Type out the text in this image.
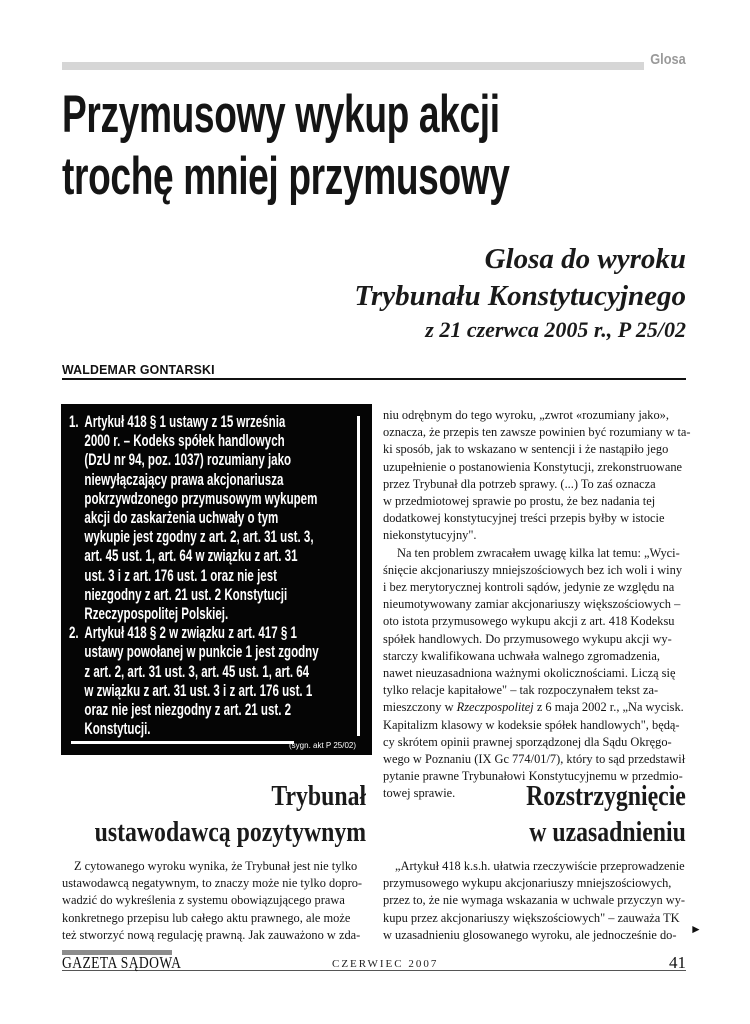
Glosa
Przymusowy wykup akcji
trochę mniej przymusowy
Glosa do wyroku
Trybunału Konstytucyjnego
z 21 czerwca 2005 r., P 25/02
WALDEMAR GONTARSKI
1. Artykuł 418 § 1 ustawy z 15 września
2000 r. – Kodeks spółek handlowych
(DzU nr 94, poz. 1037) rozumiany jako
niewyłączający prawa akcjonariusza
pokrzywdzonego przymusowym wykupem
akcji do zaskarżenia uchwały o tym
wykupie jest zgodny z art. 2, art. 31 ust. 3,
art. 45 ust. 1, art. 64 w związku z art. 31
ust. 3 i z art. 176 ust. 1 oraz nie jest
niezgodny z art. 21 ust. 2 Konstytucji
Rzeczypospolitej Polskiej.
2. Artykuł 418 § 2 w związku z art. 417 § 1
ustawy powołanej w punkcie 1 jest zgodny
z art. 2, art. 31 ust. 3, art. 45 ust. 1, art. 64
w związku z art. 31 ust. 3 i z art. 176 ust. 1
oraz nie jest niezgodny z art. 21 ust. 2
Konstytucji.
(sygn. akt P 25/02)
niu odrębnym do tego wyroku, „zwrot «rozumiany jako»,
oznacza, że przepis ten zawsze powinien być rozumiany w ta-
ki sposób, jak to wskazano w sentencji i że nastąpiło jego
uzupełnienie o postanowienia Konstytucji, zrekonstruowane
przez Trybunał dla potrzeb sprawy. (...) To zaś oznacza
w przedmiotowej sprawie po prostu, że bez nadania tej
dodatkowej konstytucyjnej treści przepis byłby w istocie
niekonstytucyjny".
Na ten problem zwracałem uwagę kilka lat temu: „Wyci-
śnięcie akcjonariuszy mniejszościowych bez ich woli i winy
i bez merytorycznej kontroli sądów, jedynie ze względu na
nieumotywowany zamiar akcjonariuszy większościowych –
oto istota przymusowego wykupu akcji z art. 418 Kodeksu
spółek handlowych. Do przymusowego wykupu akcji wy-
starczy kwalifikowana uchwała walnego zgromadzenia,
nawet nieuzasadniona ważnymi okolicznościami. Liczą się
tylko relacje kapitałowe" – tak rozpoczynałem tekst za-
mieszczony w Rzeczpospolitej z 6 maja 2002 r., „Na wycisk.
Kapitalizm klasowy w kodeksie spółek handlowych", będą-
cy skrótem opinii prawnej sporządzonej dla Sądu Okręgo-
wego w Poznaniu (IX Gc 774/01/7), który to sąd przedstawił
pytanie prawne Trybunałowi Konstytucyjnemu w przedmio-
towej sprawie.
Trybunał
ustawodawcą pozytywnym
Rozstrzygnięcie
w uzasadnieniu
Z cytowanego wyroku wynika, że Trybunał jest nie tylko
ustawodawcą negatywnym, to znaczy może nie tylko dopro-
wadzić do wykreślenia z systemu obowiązującego prawa
konkretnego przepisu lub całego aktu prawnego, ale może
też stworzyć nową regulację prawną. Jak zauważono w zda-
„Artykuł 418 k.s.h. ułatwia rzeczywiście przeprowadzenie
przymusowego wykupu akcjonariuszy mniejszościowych,
przez to, że nie wymaga wskazania w uchwale przyczyn wy-
kupu przez akcjonariuszy większościowych" – zauważa TK
w uzasadnieniu glosowanego wyroku, ale jednocześnie do-	►
GAZETA SĄDOWA	CZERWIEC 2007	41
